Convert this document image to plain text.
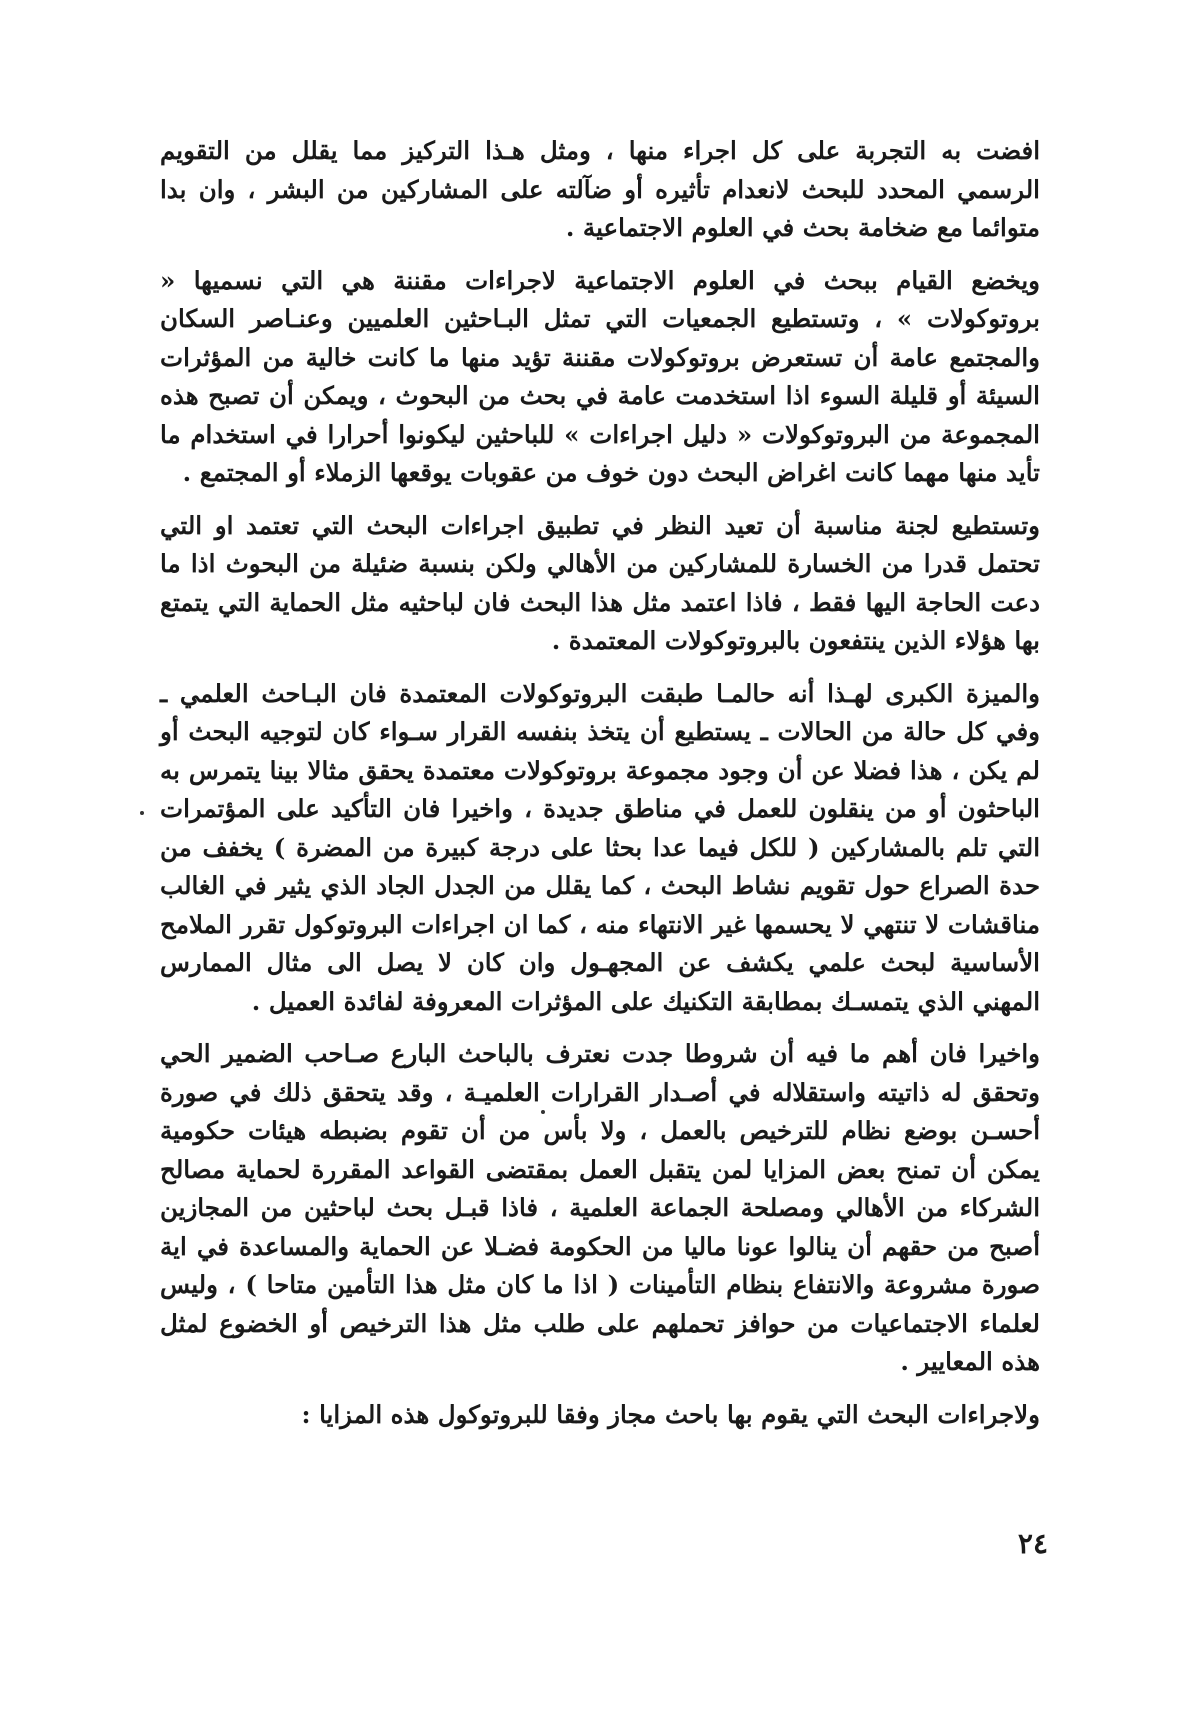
افضت به التجربة على كل اجراء منها ، ومثل هـذا التركيز مما يقلل من التقويم الرسمي المحدد للبحث لانعدام تأثيره أو ضآلته على المشاركين من البشر ، وان بدا متوائما مع ضخامة بحث في العلوم الاجتماعية .

ويخضع القيام ببحث في العلوم الاجتماعية لاجراءات مقننة هي التي نسميها « بروتوكولات » ، وتستطيع الجمعيات التي تمثل البـاحثين العلميين وعنـاصر السكان والمجتمع عامة أن تستعرض بروتوكولات مقننة تؤيد منها ما كانت خالية من المؤثرات السيئة أو قليلة السوء اذا استخدمت عامة في بحث من البحوث ، ويمكن أن تصبح هذه المجموعة من البروتوكولات « دليل اجراءات » للباحثين ليكونوا أحرارا في استخدام ما تأيد منها مهما كانت اغراض البحث دون خوف من عقوبات يوقعها الزملاء أو المجتمع .

وتستطيع لجنة مناسبة أن تعيد النظر في تطبيق اجراءات البحث التي تعتمد او التي تحتمل قدرا من الخسارة للمشاركين من الأهالي ولكن بنسبة ضئيلة من البحوث اذا ما دعت الحاجة اليها فقط ، فاذا اعتمد مثل هذا البحث فان لباحثيه مثل الحماية التي يتمتع بها هؤلاء الذين ينتفعون بالبروتوكولات المعتمدة .

والميزة الكبرى لهـذا أنه حالمـا طبقت البروتوكولات المعتمدة فان البـاحث العلمي ـ وفي كل حالة من الحالات ـ يستطيع أن يتخذ بنفسه القرار سـواء كان لتوجيه البحث أو لم يكن ، هذا فضلا عن أن وجود مجموعة بروتوكولات معتمدة يحقق مثالا بينا يتمرس به الباحثون أو من ينقلون للعمل في مناطق جديدة ، واخيرا فان التأكيد على المؤتمرات التي تلم بالمشاركين ( للكل فيما عدا بحثا على درجة كبيرة من المضرة ) يخفف من حدة الصراع حول تقويم نشاط البحث ، كما يقلل من الجدل الجاد الذي يثير في الغالب مناقشات لا تنتهي لا يحسمها غير الانتهاء منه ، كما ان اجراءات البروتوكول تقرر الملامح الأساسية لبحث علمي يكشف عن المجهـول وان كان لا يصل الى مثال الممارس المهني الذي يتمسـك بمطابقة التكنيك على المؤثرات المعروفة لفائدة العميل .

واخيرا فان أهم ما فيه أن شروطا جدت نعترف بالباحث البارع صـاحب الضمير الحي وتحقق له ذاتيته واستقلاله في أصـدار القرارات العلميـة ، وقد يتحقق ذلك في صورة أحسـن بوضع نظام للترخيص بالعمل ، ولا بأس من أن تقوم بضبطه هيئات حكومية يمكن أن تمنح بعض المزايا لمن يتقبل العمل بمقتضى القواعد المقررة لحماية مصالح الشركاء من الأهالي ومصلحة الجماعة العلمية ، فاذا قبـل بحث لباحثين من المجازين أصبح من حقهم أن ينالوا عونا ماليا من الحكومة فضـلا عن الحماية والمساعدة في اية صورة مشروعة والانتفاع بنظام التأمينات ( اذا ما كان مثل هذا التأمين متاحا ) ، وليس لعلماء الاجتماعيات من حوافز تحملهم على طلب مثل هذا الترخيص أو الخضوع لمثل هذه المعايير .

ولاجراءات البحث التي يقوم بها باحث مجاز وفقا للبروتوكول هذه المزايا :

٢٤
